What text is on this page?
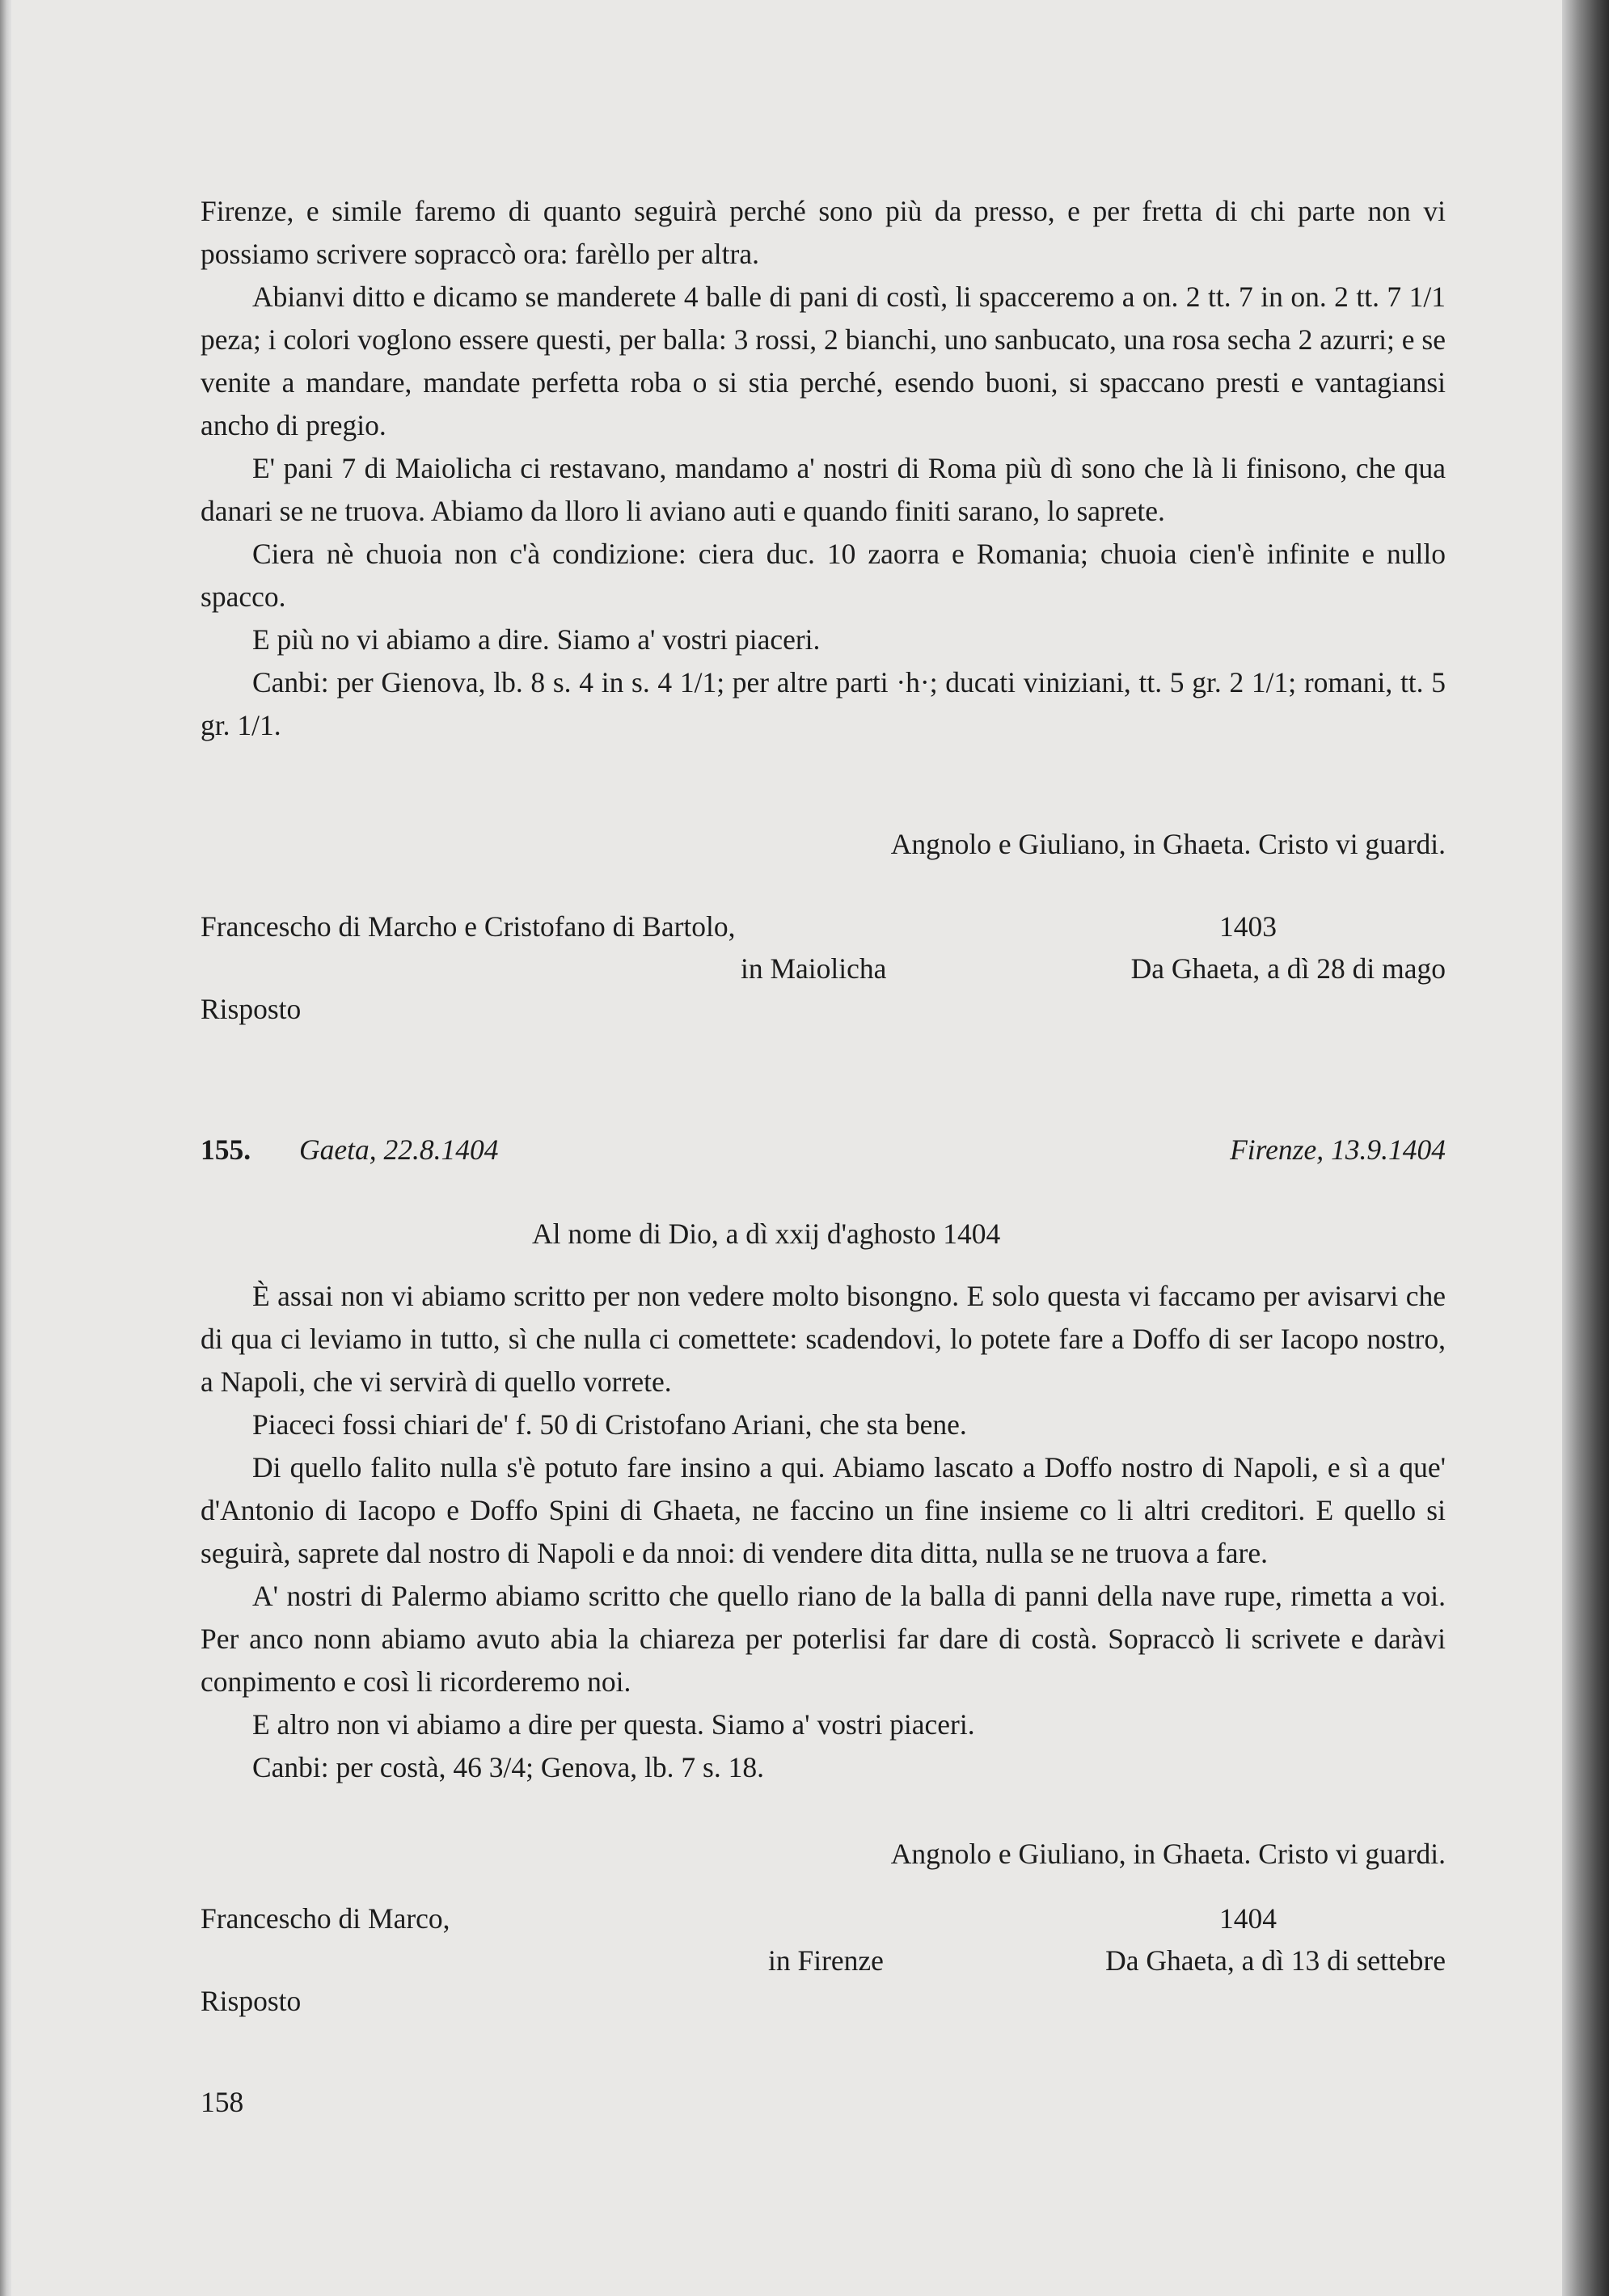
Firenze, e simile faremo di quanto seguirà perché sono più da presso, e per fretta di chi parte non vi possiamo scrivere sopraccò ora: farèllo per altra.

Abianvi ditto e dicamo se manderete 4 balle di pani di costì, li spacceremo a on. 2 tt. 7 in on. 2 tt. 7 1/1 peza; i colori voglono essere questi, per balla: 3 rossi, 2 bianchi, uno sanbucato, una rosa secha 2 azurri; e se venite a mandare, mandate perfetta roba o si stia perché, esendo buoni, si spaccano presti e vantagiansi ancho di pregio.

E' pani 7 di Maiolicha ci restavano, mandamo a' nostri di Roma più dì sono che là li finisono, che qua danari se ne truova. Abiamo da lloro li aviano auti e quando finiti sarano, lo saprete.

Ciera nè chuoia non c'à condizione: ciera duc. 10 zaorra e Romania; chuoia cien'è infinite e nullo spacco.

E più no vi abiamo a dire. Siamo a' vostri piaceri.

Canbi: per Gienova, lb. 8 s. 4 in s. 4 1/1; per altre parti ·h·; ducati viniziani, tt. 5 gr. 2 1/1; romani, tt. 5 gr. 1/1.

Angnolo e Giuliano, in Ghaeta. Cristo vi guardi.
Francescho di Marcho e Cristofano di Bartolo,	1403
in Maiolicha	Da Ghaeta, a dì 28 di mago
Risposto
155. Gaeta, 22.8.1404	Firenze, 13.9.1404
Al nome di Dio, a dì xxij d'aghosto 1404

È assai non vi abiamo scritto per non vedere molto bisongno. E solo questa vi faccamo per avisarvi che di qua ci leviamo in tutto, sì che nulla ci comettete: scadendovi, lo potete fare a Doffo di ser Iacopo nostro, a Napoli, che vi servirà di quello vorrete.

Piaceci fossi chiari de' f. 50 di Cristofano Ariani, che sta bene.

Di quello falito nulla s'è potuto fare insino a qui. Abiamo lascato a Doffo nostro di Napoli, e sì a que' d'Antonio di Iacopo e Doffo Spini di Ghaeta, ne faccino un fine insieme co li altri creditori. E quello si seguirà, saprete dal nostro di Napoli e da nnoi: di vendere dita ditta, nulla se ne truova a fare.

A' nostri di Palermo abiamo scritto che quello riano de la balla di panni della nave rupe, rimetta a voi. Per anco nonn abiamo avuto abia la chiareza per poterlisi far dare di costà. Sopraccò li scrivete e daràvi conpimento e così li ricorderemo noi.

E altro non vi abiamo a dire per questa. Siamo a' vostri piaceri.

Canbi: per costà, 46 3/4; Genova, lb. 7 s. 18.

Angnolo e Giuliano, in Ghaeta. Cristo vi guardi.
Francescho di Marco,	1404
in Firenze	Da Ghaeta, a dì 13 di settebre
Risposto
158
